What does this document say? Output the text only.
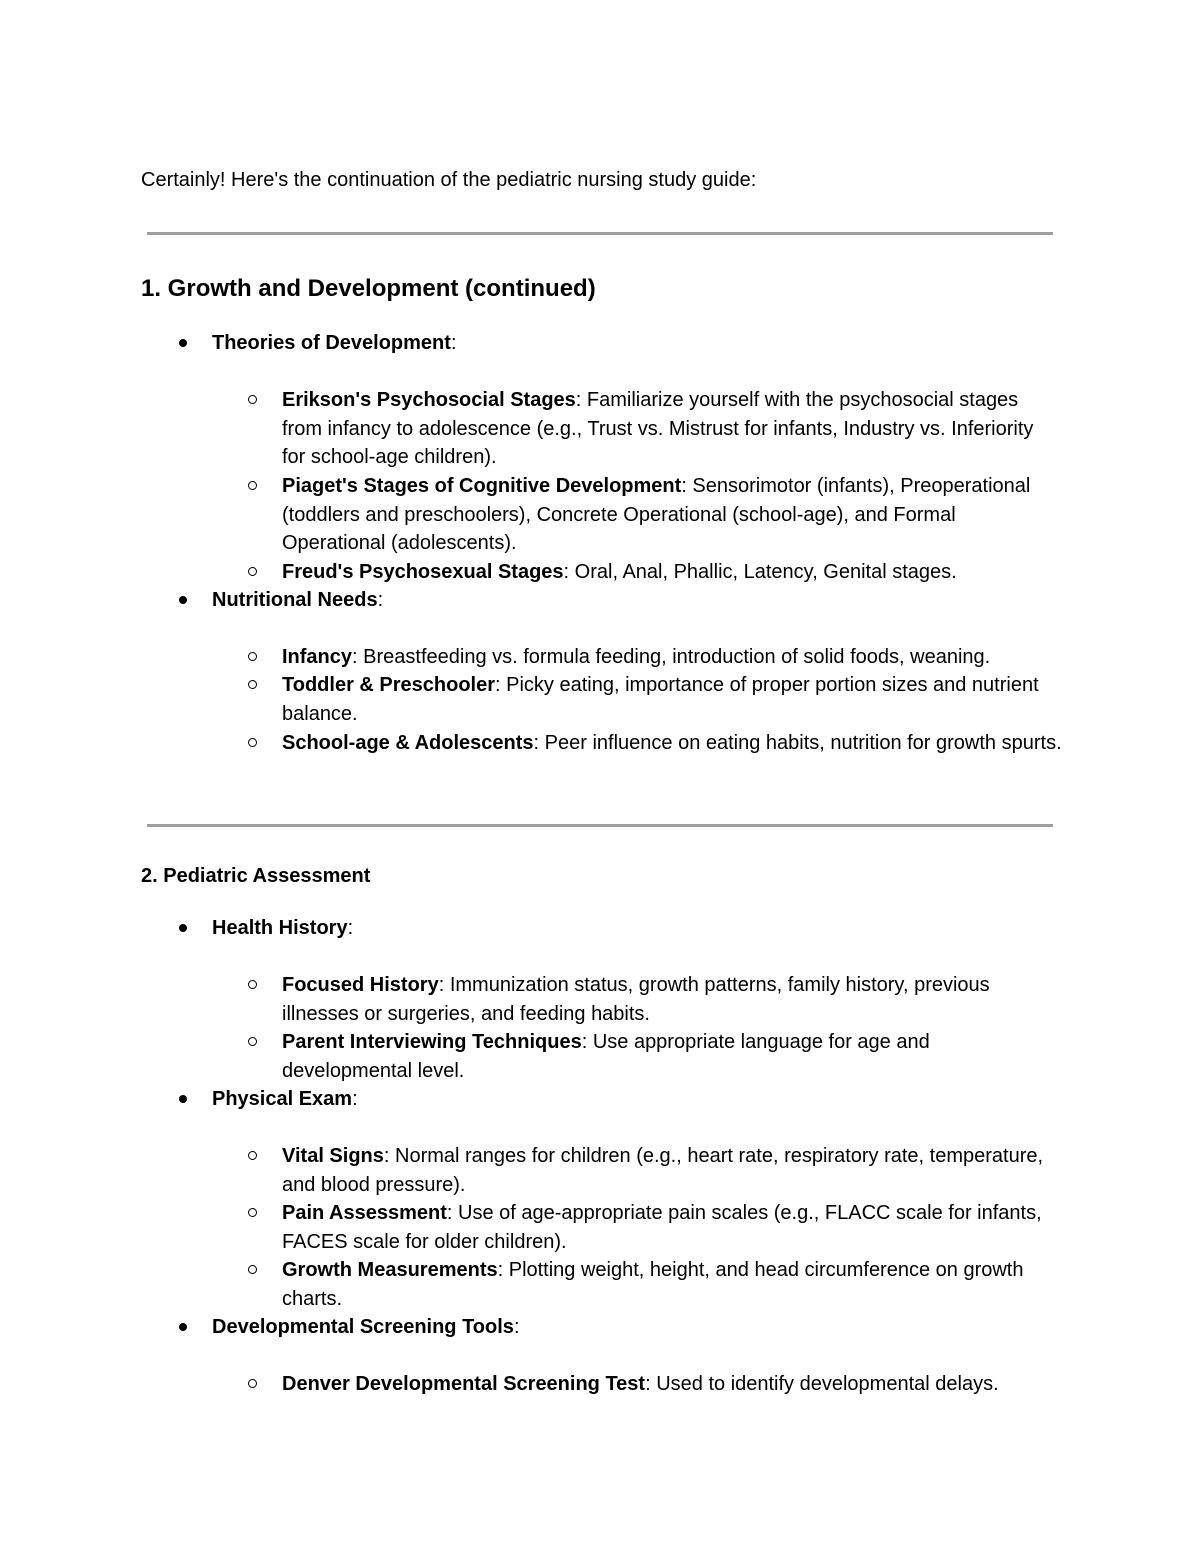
Certainly! Here's the continuation of the pediatric nursing study guide:
1. Growth and Development (continued)
Theories of Development:
Erikson's Psychosocial Stages: Familiarize yourself with the psychosocial stages from infancy to adolescence (e.g., Trust vs. Mistrust for infants, Industry vs. Inferiority for school-age children).
Piaget's Stages of Cognitive Development: Sensorimotor (infants), Preoperational (toddlers and preschoolers), Concrete Operational (school-age), and Formal Operational (adolescents).
Freud's Psychosexual Stages: Oral, Anal, Phallic, Latency, Genital stages.
Nutritional Needs:
Infancy: Breastfeeding vs. formula feeding, introduction of solid foods, weaning.
Toddler & Preschooler: Picky eating, importance of proper portion sizes and nutrient balance.
School-age & Adolescents: Peer influence on eating habits, nutrition for growth spurts.
2. Pediatric Assessment
Health History:
Focused History: Immunization status, growth patterns, family history, previous illnesses or surgeries, and feeding habits.
Parent Interviewing Techniques: Use appropriate language for age and developmental level.
Physical Exam:
Vital Signs: Normal ranges for children (e.g., heart rate, respiratory rate, temperature, and blood pressure).
Pain Assessment: Use of age-appropriate pain scales (e.g., FLACC scale for infants, FACES scale for older children).
Growth Measurements: Plotting weight, height, and head circumference on growth charts.
Developmental Screening Tools:
Denver Developmental Screening Test: Used to identify developmental delays.
